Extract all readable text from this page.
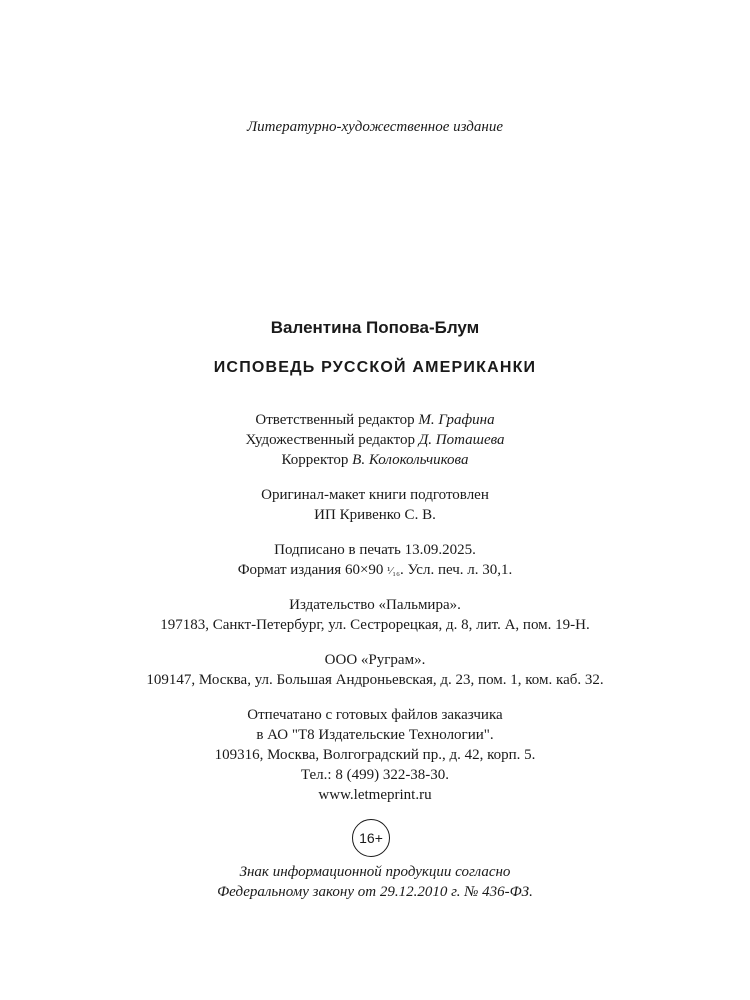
Литературно-художественное издание
Валентина Попова-Блум
ИСПОВЕДЬ РУССКОЙ АМЕРИКАНКИ
Ответственный редактор М. Графина
Художественный редактор Д. Поташева
Корректор В. Колокольчикова
Оригинал-макет книги подготовлен
ИП Кривенко С. В.
Подписано в печать 13.09.2025.
Формат издания 60×90 ¹⁄₁₆. Усл. печ. л. 30,1.
Издательство «Пальмира».
197183, Санкт-Петербург, ул. Сестрорецкая, д. 8, лит. А, пом. 19-Н.
ООО «Руграм».
109147, Москва, ул. Большая Андроньевская, д. 23, пом. 1, ком. каб. 32.
Отпечатано с готовых файлов заказчика
в АО "Т8 Издательские Технологии".
109316, Москва, Волгоградский пр., д. 42, корп. 5.
Тел.: 8 (499) 322-38-30.
www.letmeprint.ru
16+
Знак информационной продукции согласно
Федеральному закону от 29.12.2010 г. № 436-ФЗ.
